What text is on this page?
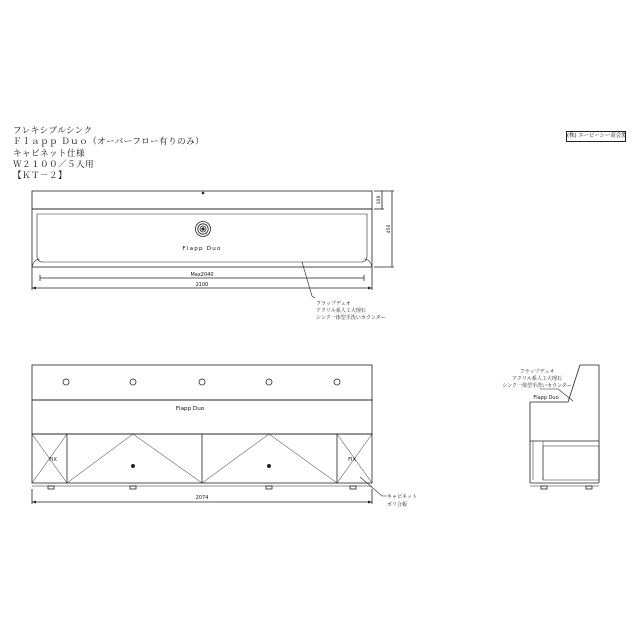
フレキシブルシンク
Ｆｌａｐｐ Ｄｕｏ（オーバーフロー有りのみ）
キャビネット仕様
Ｗ２１００／５人用
【ＫＴ－２】
(株) エービーシー商会製
Flapp Duo
Max2040
2100
106
450
フラップデュオ
アクリル系人工大理石
シンク一体型手洗いカウンター
Flapp Duo
FIX	FIX
2074	キャビネット
ポリ合板
フラップデュオ
アクリル系人工大理石
シンク一体型手洗いカウンター
Flapp Duo
